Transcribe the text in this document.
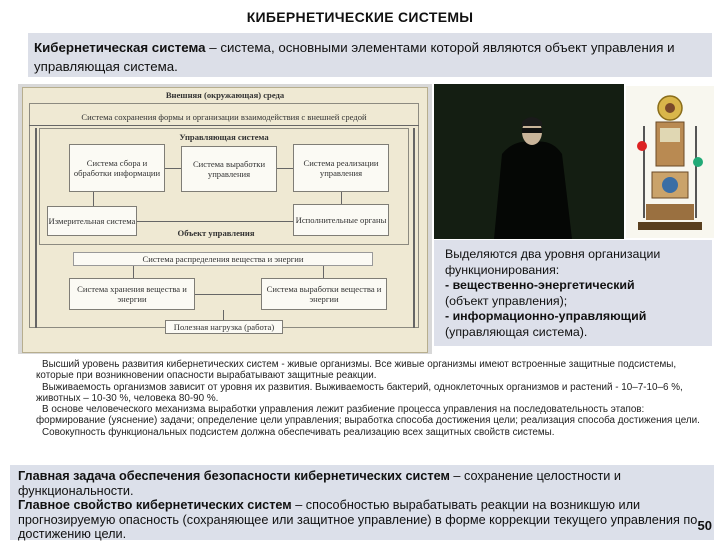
КИБЕРНЕТИЧЕСКИЕ СИСТЕМЫ
Кибернетическая система – система, основными элементами которой являются объект управления и управляющая система.
Внешняя (окружающая) среда
Система сохранения формы и организации взаимодействия с внешней средой
Управляющая система
Система сбора и обработки информации
Система выработки управления
Система реализации управления
Измерительная система	Исполнительные органы
Объект управления
Система распределения вещества и энергии
Система хранения вещества и энергии
Система выработки вещества и энергии
Полезная нагрузка (работа)
Выделяются два уровня организации функционирования:
- вещественно-энергетический
(объект управления);
- информационно-управляющий
(управляющая система).

Высший уровень развития кибернетических систем - живые организмы. Все живые организмы имеют встроенные защитные подсистемы, которые при возникновении опасности вырабатывают защитные реакции.

Выживаемость организмов зависит от уровня их развития. Выживаемость бактерий, одноклеточных организмов и растений - 10–7-10–6 %, животных – 10-30 %, человека 80-90 %.

В основе человеческого механизма выработки управления лежит разбиение процесса управления на последовательность этапов: формирование (уяснение) задачи; определение цели управления; выработка способа достижения цели; реализация способа достижения цели.

Совокупность функциональных подсистем должна обеспечивать реализацию всех защитных свойств системы.

Главная задача обеспечения безопасности кибернетических систем – сохранение целостности и функциональности.

Главное свойство кибернетических систем – способностью вырабатывать реакции на возникшую или прогнозируемую опасность (сохраняющее или защитное управление) в форме коррекции текущего управления по достижению цели.

50
